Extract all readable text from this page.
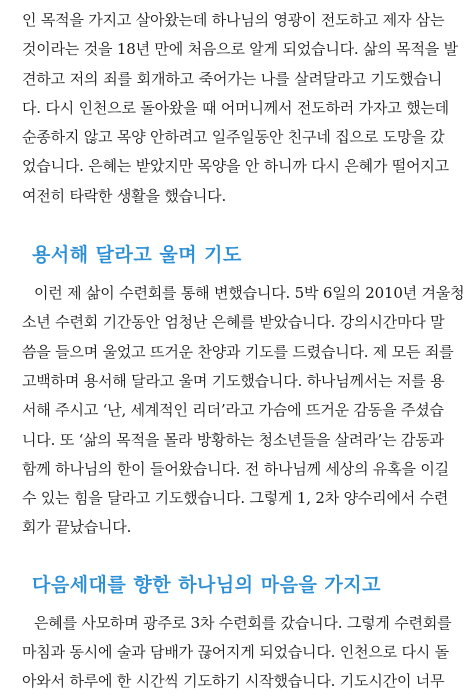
인 목적을 가지고 살아왔는데 하나님의 영광이 전도하고 제자 삼는
것이라는 것을 18년 만에 처음으로 알게 되었습니다. 삶의 목적을 발
견하고 저의 죄를 회개하고 죽어가는 나를 살려달라고 기도했습니
다. 다시 인천으로 돌아왔을 때 어머니께서 전도하러 가자고 했는데
순종하지 않고 목양 안하려고 일주일동안 친구네 집으로 도망을 갔
었습니다. 은혜는 받았지만 목양을 안 하니까 다시 은혜가 떨어지고
여전히 타락한 생활을 했습니다.
용서해 달라고 울며 기도
이런 제 삶이 수련회를 통해 변했습니다. 5박 6일의 2010년 겨울청
소년 수련회 기간동안 엄청난 은혜를 받았습니다. 강의시간마다 말
씀을 들으며 울었고 뜨거운 찬양과 기도를 드렸습니다. 제 모든 죄를
고백하며 용서해 달라고 울며 기도했습니다. 하나님께서는 저를 용
서해 주시고 ‘난, 세계적인 리더’라고 가슴에 뜨거운 감동을 주셨습
니다. 또 ‘삶의 목적을 몰라 방황하는 청소년들을 살려라’는 감동과
함께 하나님의 한이 들어왔습니다. 전 하나님께 세상의 유혹을 이길
수 있는 힘을 달라고 기도했습니다. 그렇게 1, 2차 양수리에서 수련
회가 끝났습니다.
다음세대를 향한 하나님의 마음을 가지고
은혜를 사모하며 광주로 3차 수련회를 갔습니다. 그렇게 수련회를
마침과 동시에 술과 담배가 끊어지게 되었습니다. 인천으로 다시 돌
아와서 하루에 한 시간씩 기도하기 시작했습니다. 기도시간이 너무
